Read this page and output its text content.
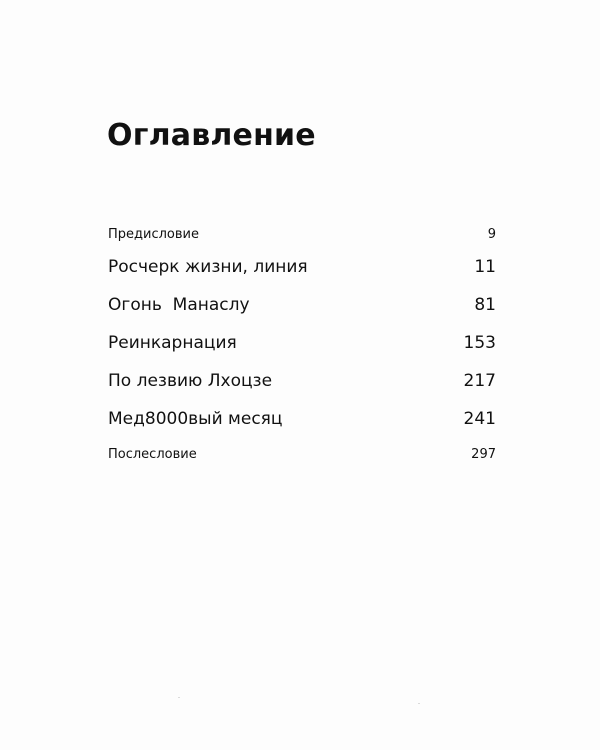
Оглавление
Предисловие	9
Росчерк жизни, линия	11
Огонь  Манаслу	81
Реинкарнация	153
По лезвию Лхоцзе	217
Мед8000вый месяц	241
Послесловие	297
